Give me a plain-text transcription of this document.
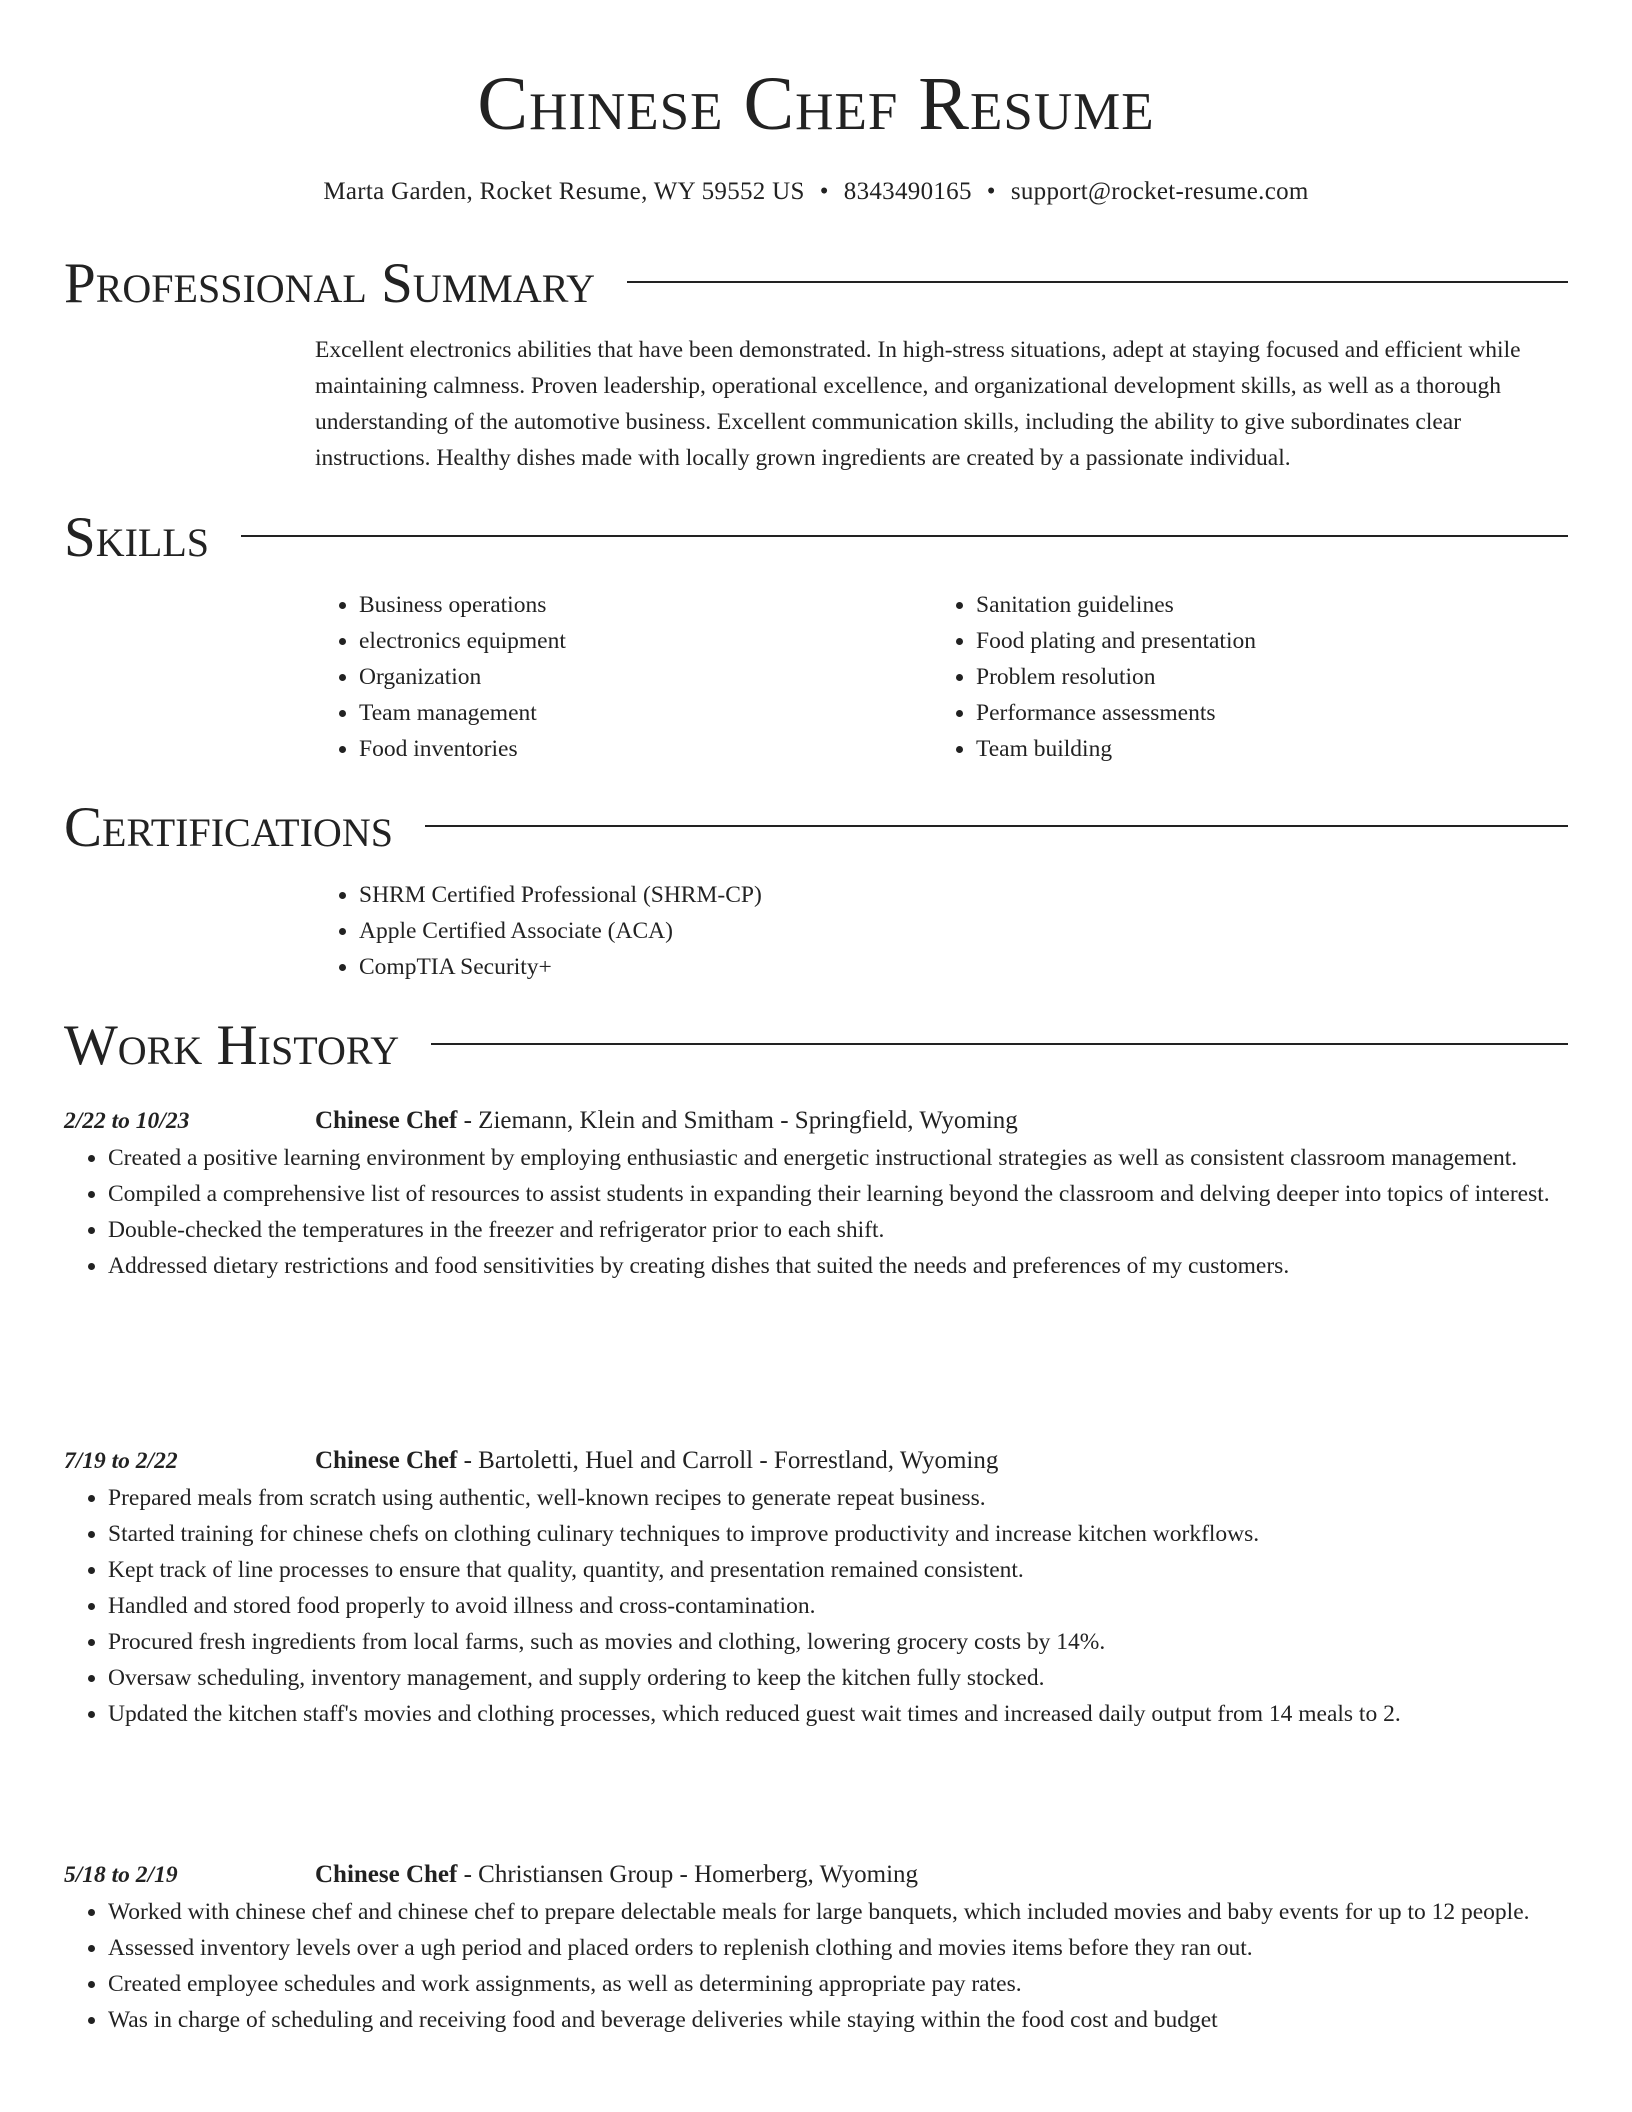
Chinese Chef Resume
Marta Garden, Rocket Resume, WY 59552 US • 8343490165 • support@rocket-resume.com
Professional Summary
Excellent electronics abilities that have been demonstrated. In high-stress situations, adept at staying focused and efficient while maintaining calmness. Proven leadership, operational excellence, and organizational development skills, as well as a thorough understanding of the automotive business. Excellent communication skills, including the ability to give subordinates clear instructions. Healthy dishes made with locally grown ingredients are created by a passionate individual.
Skills
• Business operations
• electronics equipment
• Organization
• Team management
• Food inventories
• Sanitation guidelines
• Food plating and presentation
• Problem resolution
• Performance assessments
• Team building
Certifications
• SHRM Certified Professional (SHRM-CP)
• Apple Certified Associate (ACA)
• CompTIA Security+
Work History
2/22 to 10/23	Chinese Chef - Ziemann, Klein and Smitham - Springfield, Wyoming
• Created a positive learning environment by employing enthusiastic and energetic instructional strategies as well as consistent classroom management.
• Compiled a comprehensive list of resources to assist students in expanding their learning beyond the classroom and delving deeper into topics of interest.
• Double-checked the temperatures in the freezer and refrigerator prior to each shift.
• Addressed dietary restrictions and food sensitivities by creating dishes that suited the needs and preferences of my customers.
7/19 to 2/22	Chinese Chef - Bartoletti, Huel and Carroll - Forrestland, Wyoming
• Prepared meals from scratch using authentic, well-known recipes to generate repeat business.
• Started training for chinese chefs on clothing culinary techniques to improve productivity and increase kitchen workflows.
• Kept track of line processes to ensure that quality, quantity, and presentation remained consistent.
• Handled and stored food properly to avoid illness and cross-contamination.
• Procured fresh ingredients from local farms, such as movies and clothing, lowering grocery costs by 14%.
• Oversaw scheduling, inventory management, and supply ordering to keep the kitchen fully stocked.
• Updated the kitchen staff's movies and clothing processes, which reduced guest wait times and increased daily output from 14 meals to 2.
5/18 to 2/19	Chinese Chef - Christiansen Group - Homerberg, Wyoming
• Worked with chinese chef and chinese chef to prepare delectable meals for large banquets, which included movies and baby events for up to 12 people.
• Assessed inventory levels over a ugh period and placed orders to replenish clothing and movies items before they ran out.
• Created employee schedules and work assignments, as well as determining appropriate pay rates.
• Was in charge of scheduling and receiving food and beverage deliveries while staying within the food cost and budget
